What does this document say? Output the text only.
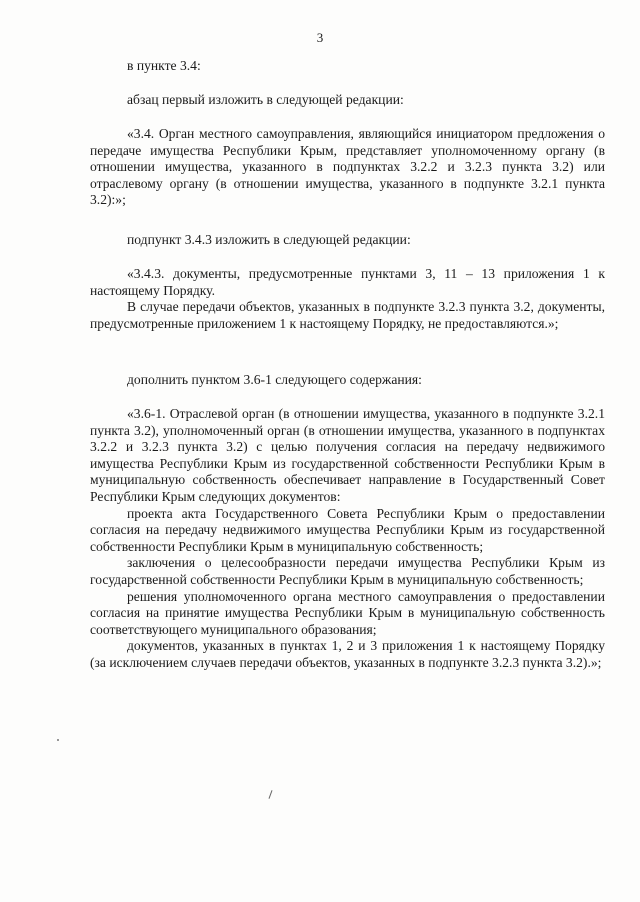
3

в пункте 3.4:

абзац первый изложить в следующей редакции:

«3.4. Орган местного самоуправления, являющийся инициатором предложения о передаче имущества Республики Крым, представляет уполномоченному органу (в отношении имущества, указанного в подпунктах 3.2.2 и 3.2.3 пункта 3.2) или отраслевому органу (в отношении имущества, указанного в подпункте 3.2.1 пункта 3.2):»;

подпункт 3.4.3 изложить в следующей редакции:

«3.4.3. документы, предусмотренные пунктами 3, 11 – 13 приложения 1 к настоящему Порядку.

В случае передачи объектов, указанных в подпункте 3.2.3 пункта 3.2, документы, предусмотренные приложением 1 к настоящему Порядку, не предоставляются.»;

дополнить пунктом 3.6-1 следующего содержания:

«3.6-1. Отраслевой орган (в отношении имущества, указанного в подпункте 3.2.1 пункта 3.2), уполномоченный орган (в отношении имущества, указанного в подпунктах 3.2.2 и 3.2.3 пункта 3.2) с целью получения согласия на передачу недвижимого имущества Республики Крым из государственной собственности Республики Крым в муниципальную собственность обеспечивает направление в Государственный Совет Республики Крым следующих документов:

проекта акта Государственного Совета Республики Крым о предоставлении согласия на передачу недвижимого имущества Республики Крым из государственной собственности Республики Крым в муниципальную собственность;

заключения о целесообразности передачи имущества Республики Крым из государственной собственности Республики Крым в муниципальную собственность;

решения уполномоченного органа местного самоуправления о предоставлении согласия на принятие имущества Республики Крым в муниципальную собственность соответствующего муниципального образования;

документов, указанных в пунктах 1, 2 и 3 приложения 1 к настоящему Порядку (за исключением случаев передачи объектов, указанных в подпункте 3.2.3 пункта 3.2).»;
